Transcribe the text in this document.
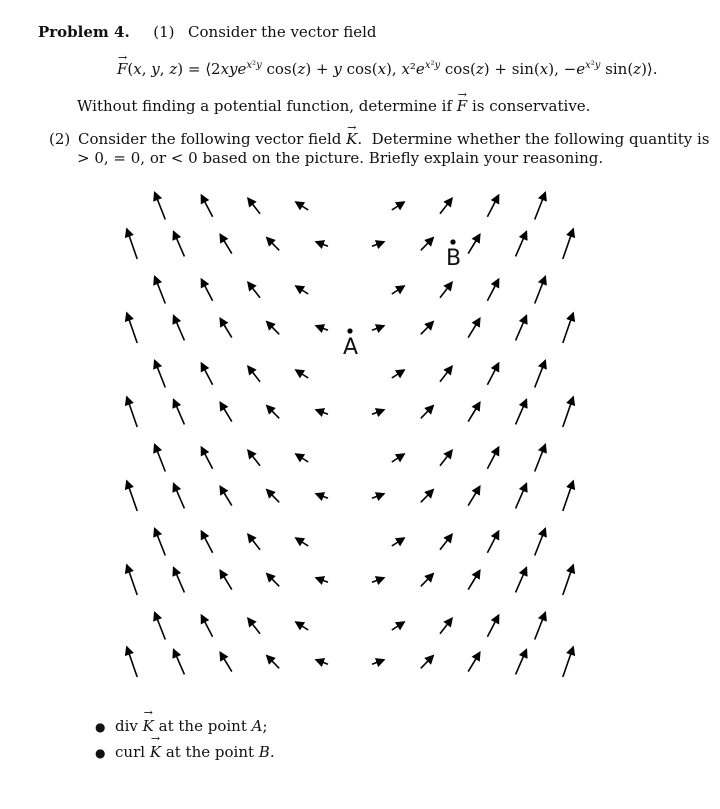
Problem 4. (1) Consider the vector field
→ F(x, y, z) = ⟨2xye$^{x^2y}$ cos(z) + y cos(x), $x^2e^{x^2y}$ cos(z) + sin(x), $-e^{x^2y}$ sin(z)⟩.
Without finding a potential function, determine if → F is conservative.
(2) Consider the following vector field → K.  Determine whether the following quantity is
> 0, = 0, or < 0 based on the picture. Briefly explain your reasoning.
A
B
●  div → K at the point A;
●  curl → K at the point B.
